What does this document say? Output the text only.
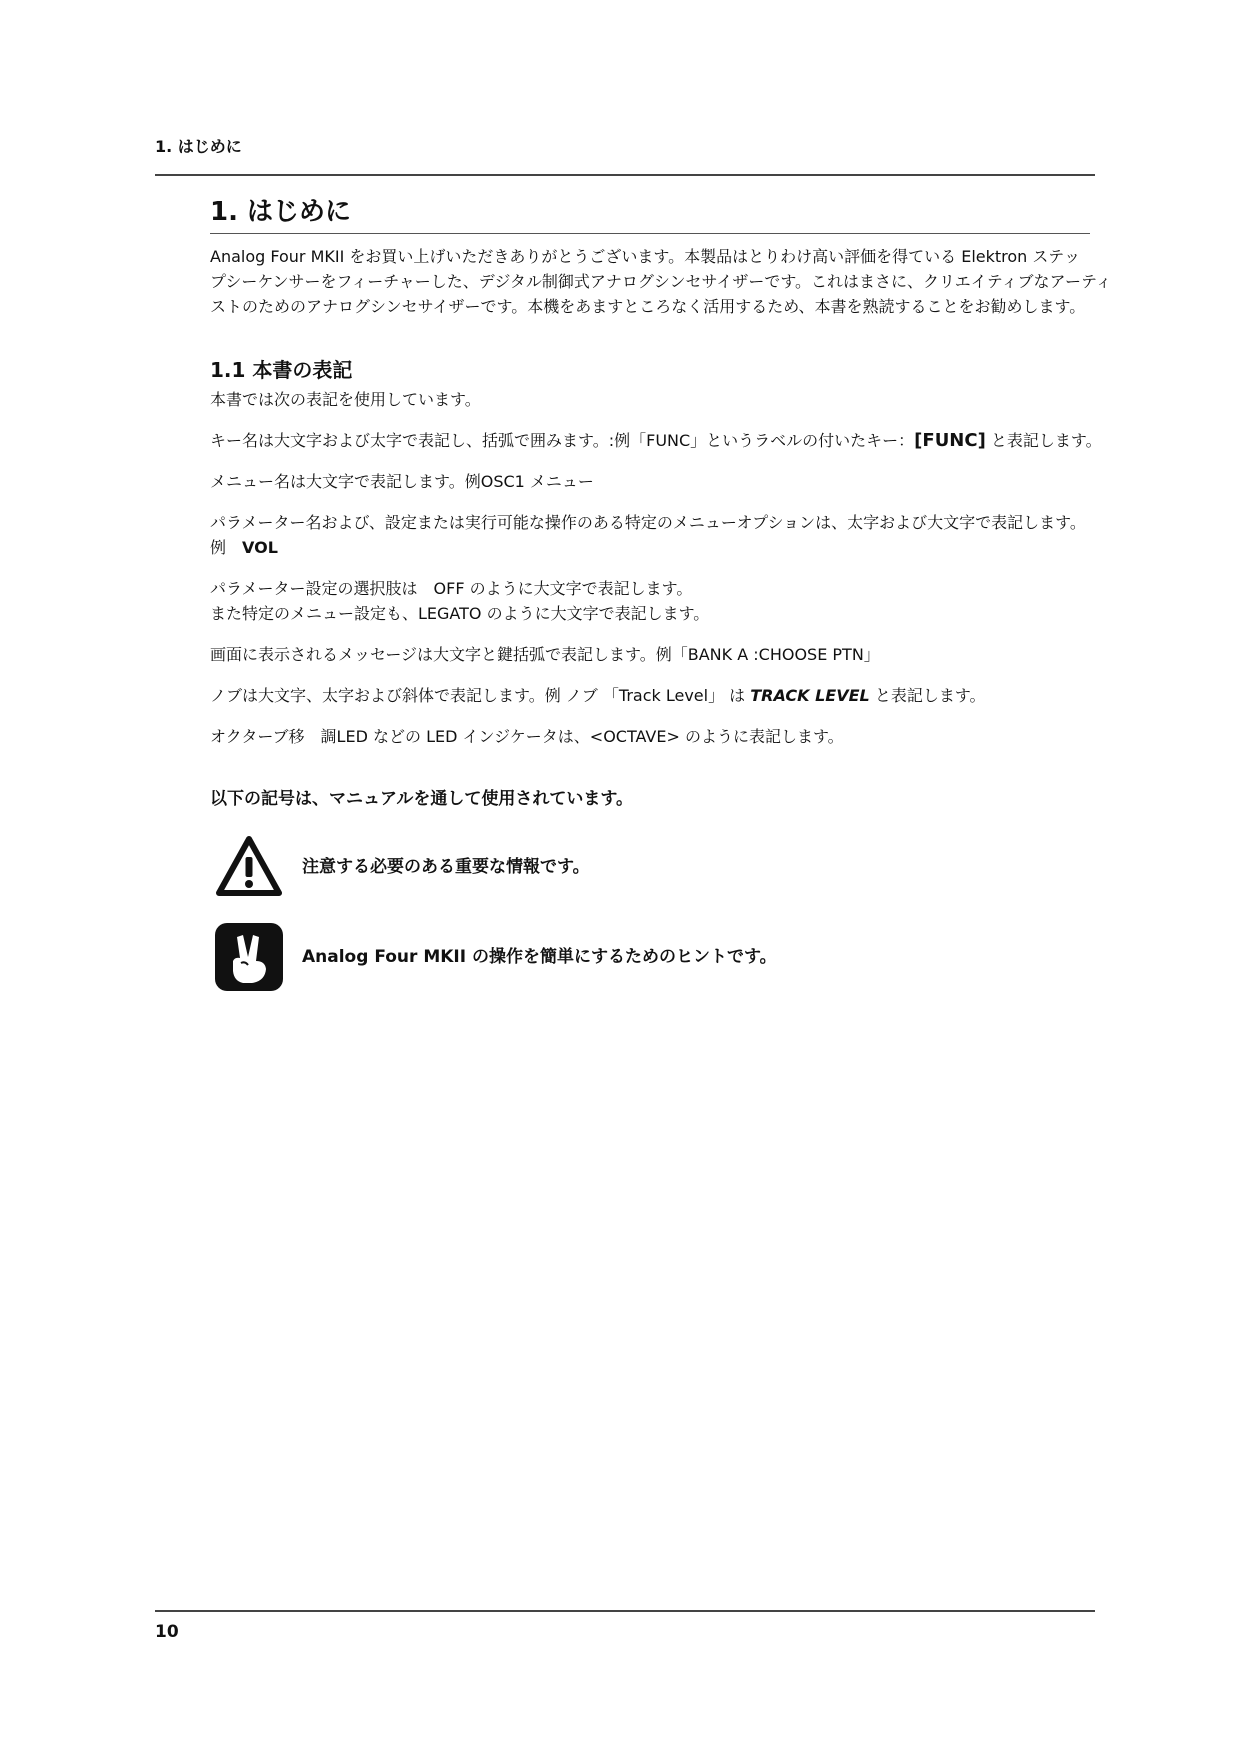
1. はじめに
1. はじめに

Analog Four MKII をお買い上げいただきありがとうございます。本製品はとりわけ高い評価を得ている Elektron ステッ
プシーケンサーをフィーチャーした、デジタル制御式アナログシンセサイザーです。これはまさに、クリエイティブなアーティ
ストのためのアナログシンセサイザーです。本機をあますところなく活用するため、本書を熟読することをお勧めします。

1.1 本書の表記

本書では次の表記を使用しています。

キー名は大文字および太字で表記し、括弧で囲みます。:例「FUNC」というラベルの付いたキー：[FUNC] と表記します。

メニュー名は大文字で表記します。例OSC1 メニュー

パラメーター名および、設定または実行可能な操作のある特定のメニューオプションは、太字および大文字で表記します。
例　VOL

パラメーター設定の選択肢は　OFF のように大文字で表記します。
また特定のメニュー設定も、LEGATO のように大文字で表記します。

画面に表示されるメッセージは大文字と鍵括弧で表記します。例「BANK A :CHOOSE PTN」

ノブは大文字、太字および斜体で表記します。例 ノブ 「Track Level」 は TRACK LEVEL と表記します。

オクターブ移　調LED などの LED インジケータは、<OCTAVE> のように表記します。

以下の記号は、マニュアルを通して使用されています。
注意する必要のある重要な情報です。
Analog Four MKII の操作を簡単にするためのヒントです。
10
